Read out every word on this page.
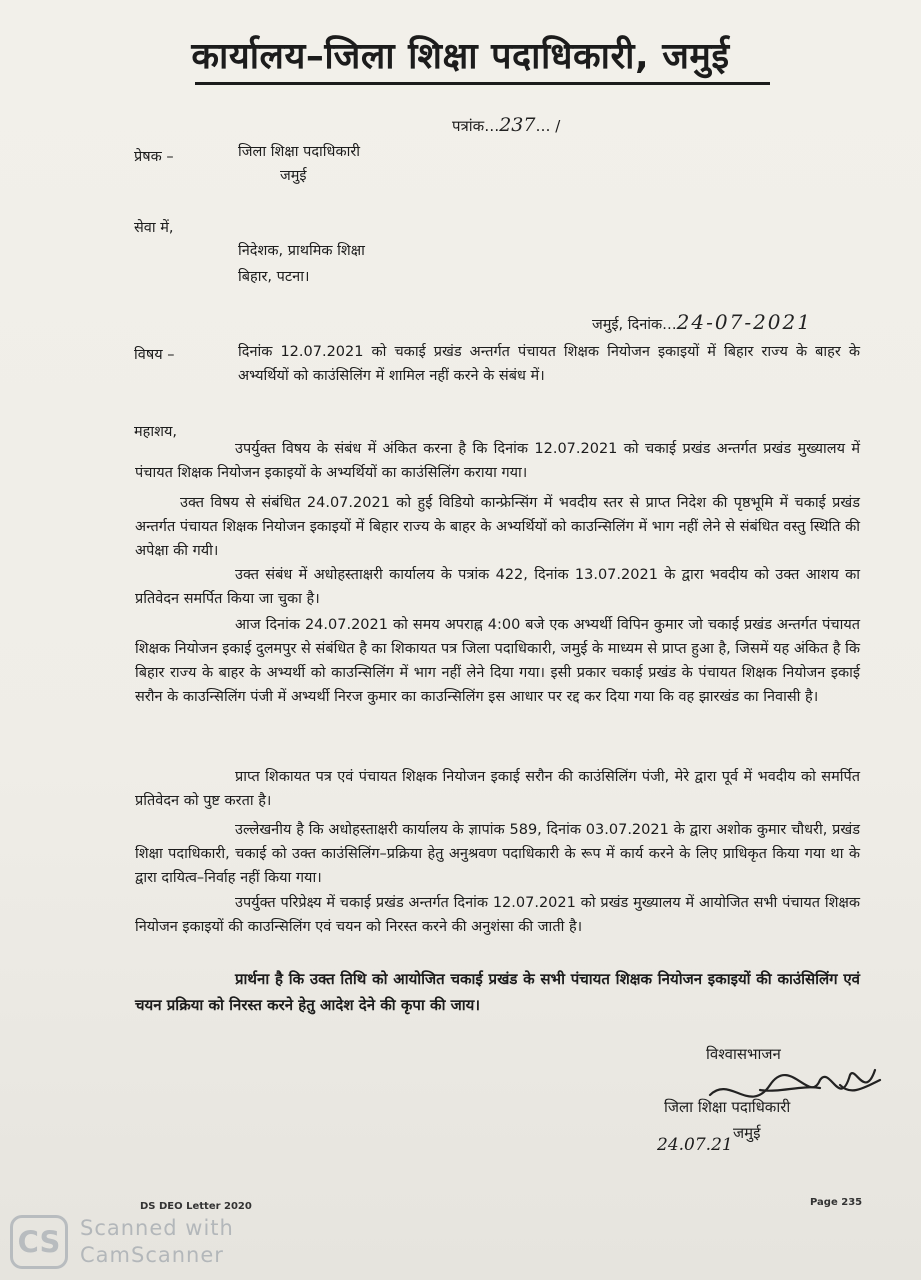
कार्यालय–जिला शिक्षा पदाधिकारी, जमुई
पत्रांक…237… /
प्रेषक –	जिला शिक्षा पदाधिकारी
जमुई
सेवा में,
निदेशक, प्राथमिक शिक्षा
बिहार, पटना।
जमुई, दिनांक…24-07-2021
विषय –	दिनांक 12.07.2021 को चकाई प्रखंड अन्तर्गत पंचायत शिक्षक नियोजन इकाइयों में बिहार राज्य के बाहर के अभ्यर्थियों को काउंसिलिंग में शामिल नहीं करने के संबंध में।
महाशय,
उपर्युक्त विषय के संबंध में अंकित करना है कि दिनांक 12.07.2021 को चकाई प्रखंड अन्तर्गत प्रखंड मुख्यालय में पंचायत शिक्षक नियोजन इकाइयों के अभ्यर्थियों का काउंसिलिंग कराया गया।
उक्त विषय से संबंधित 24.07.2021 को हुई विडियो कान्फ्रेन्सिंग में भवदीय स्तर से प्राप्त निदेश की पृष्ठभूमि में चकाई प्रखंड अन्तर्गत पंचायत शिक्षक नियोजन इकाइयों में बिहार राज्य के बाहर के अभ्यर्थियों को काउन्सिलिंग में भाग नहीं लेने से संबंधित वस्तु स्थिति की अपेक्षा की गयी।
उक्त संबंध में अधोहस्ताक्षरी कार्यालय के पत्रांक 422, दिनांक 13.07.2021 के द्वारा भवदीय को उक्त आशय का प्रतिवेदन समर्पित किया जा चुका है।
आज दिनांक 24.07.2021 को समय अपराह्न 4:00 बजे एक अभ्यर्थी विपिन कुमार जो चकाई प्रखंड अन्तर्गत पंचायत शिक्षक नियोजन इकाई दुलमपुर से संबंधित है का शिकायत पत्र जिला पदाधिकारी, जमुई के माध्यम से प्राप्त हुआ है, जिसमें यह अंकित है कि बिहार राज्य के बाहर के अभ्यर्थी को काउन्सिलिंग में भाग नहीं लेने दिया गया। इसी प्रकार चकाई प्रखंड के पंचायत शिक्षक नियोजन इकाई सरौन के काउन्सिलिंग पंजी में अभ्यर्थी निरज कुमार का काउन्सिलिंग इस आधार पर रद्द कर दिया गया कि वह झारखंड का निवासी है।
प्राप्त शिकायत पत्र एवं पंचायत शिक्षक नियोजन इकाई सरौन की काउंसिलिंग पंजी, मेरे द्वारा पूर्व में भवदीय को समर्पित प्रतिवेदन को पुष्ट करता है।
उल्लेखनीय है कि अधोहस्ताक्षरी कार्यालय के ज्ञापांक 589, दिनांक 03.07.2021 के द्वारा अशोक कुमार चौधरी, प्रखंड शिक्षा पदाधिकारी, चकाई को उक्त काउंसिलिंग–प्रक्रिया हेतु अनुश्रवण पदाधिकारी के रूप में कार्य करने के लिए प्राधिकृत किया गया था के द्वारा दायित्व–निर्वाह नहीं किया गया।
उपर्युक्त परिप्रेक्ष्य में चकाई प्रखंड अन्तर्गत दिनांक 12.07.2021 को प्रखंड मुख्यालय में आयोजित सभी पंचायत शिक्षक नियोजन इकाइयों की काउन्सिलिंग एवं चयन को निरस्त करने की अनुशंसा की जाती है।
प्रार्थना है कि उक्त तिथि को आयोजित चकाई प्रखंड के सभी पंचायत शिक्षक नियोजन इकाइयों की काउंसिलिंग एवं चयन प्रक्रिया को निरस्त करने हेतु आदेश देने की कृपा की जाय।
विश्वासभाजन
जिला शिक्षा पदाधिकारी
जमुई
24.07.21
DS DEO Letter 2020	Page 235
CS Scanned with
CamScanner
